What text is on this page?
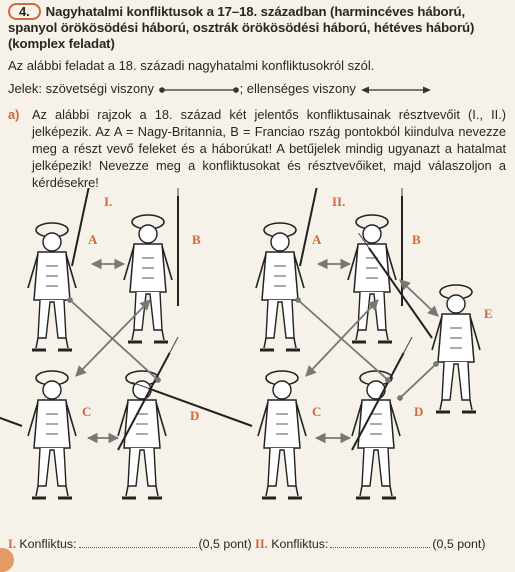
4. Nagyhatalmi konfliktusok a 17–18. században (harmincéves háború, spanyol örökösödési háború, osztrák örökösödési háború, hétéves háború) (komplex feladat)
Az alábbi feladat a 18. századi nagyhatalmi konfliktusokról szól.
Jelek: szövetségi viszony	; ellenséges viszony
a) Az alábbi rajzok a 18. század két jelentős konfliktusainak résztvevőit (I., II.) jelképezik. Az A = Nagy-Britannia, B = Franciao rszág pontokból kiindulva nevezze meg a részt vevő feleket és a háborúkat! A betűjelek mindig ugyanazt a hatalmat jelképezik! Nevezze meg a konfliktusokat és résztvevőiket, majd válaszoljon a kérdésekre!
I.
A	B
C	D
II.
A	B
C	D
E
I. Konfliktus:	(0,5 pont) II. Konfliktus:	(0,5 pont)
